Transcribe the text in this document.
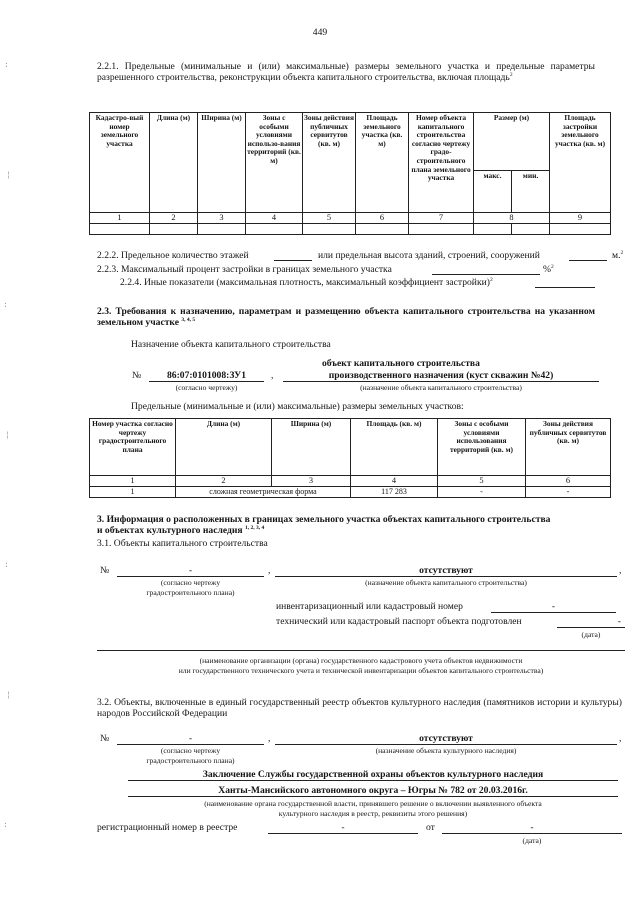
:
¦
:
¦
:
¦
:
449
2.2.1. Предельные (минимальные и (или) максимальные) размеры земельного участка и предельные параметры разрешенного строительства, реконструкции объекта капитального строительства, включая площадь$^2$
Кадастро-вый номер земельного участка	Длина (м)	Ширина (м)	Зоны с особыми условиями использо-вания территорий (кв. м)	Зоны действия публичных сервитутов (кв. м)	Площадь земельного участка (кв. м)	Номер объекта капитального строительства согласно чертежу градо-строительного плана земельного участка	Размер (м)		Площадь застройки земельного участка (кв. м)
							макс.	мин.	
1	2	3	4	5	6	7	8		9

2.2.2. Предельное количество этажей	или предельная высота зданий, строений, сооружений	м.$^2$
2.2.3. Максимальный процент застройки в границах земельного участка	%$^2$
2.2.4. Иные показатели (максимальная плотность, максимальный коэффициент застройки)$^2$
2.3. Требования к назначению, параметрам и размещению объекта капитального строительства на указанном земельном участке $^{3, 4, 5}$
Назначение объекта капитального строительства
объект капитального строительства
№	86:07:0101008:ЗУ1	,	производственного назначения (куст скважин №42)
(согласно чертежу)	(назначение объекта капитального строительства)
Предельные (минимальные и (или) максимальные) размеры земельных участков:
Номер участка согласно чертежу градостроительного плана	Длина (м)	Ширина (м)	Площадь (кв. м)	Зоны с особыми условиями использования территорий (кв. м)	Зоны действия публичных сервитутов (кв. м)
1	2	3	4	5	6
1	сложная геометрическая форма		117 283	-	-
3. Информация о расположенных в границах земельного участка объектах капитального строительства и объектах культурного наследия $^{1, 2, 3, 4}$
3.1. Объекты капитального строительства
№	-	,	отсутствуют	,
(согласно чертежу
градостроительного плана)
(назначение объекта капитального строительства)
инвентаризационный или кадастровый номер	-
технический или кадастровый паспорт объекта подготовлен	-
(дата)
(наименование организации (органа) государственного кадастрового учета объектов недвижимости
или государственного технического учета и технической инвентаризации объектов капитального строительства)
3.2. Объекты, включенные в единый государственный реестр объектов культурного наследия (памятников истории и культуры) народов Российской Федерации
№	-	,	отсутствуют	,
(согласно чертежу
градостроительного плана)
(назначение объекта культурного наследия)
Заключение Службы государственной охраны объектов культурного наследия
Ханты-Мансийского автономного округа – Югры № 782 от 20.03.2016г.
(наименование органа государственной власти, принявшего решение о включении выявленного объекта
культурного наследия в реестр, реквизиты этого решения)
регистрационный номер в реестре	-	от	-
(дата)
